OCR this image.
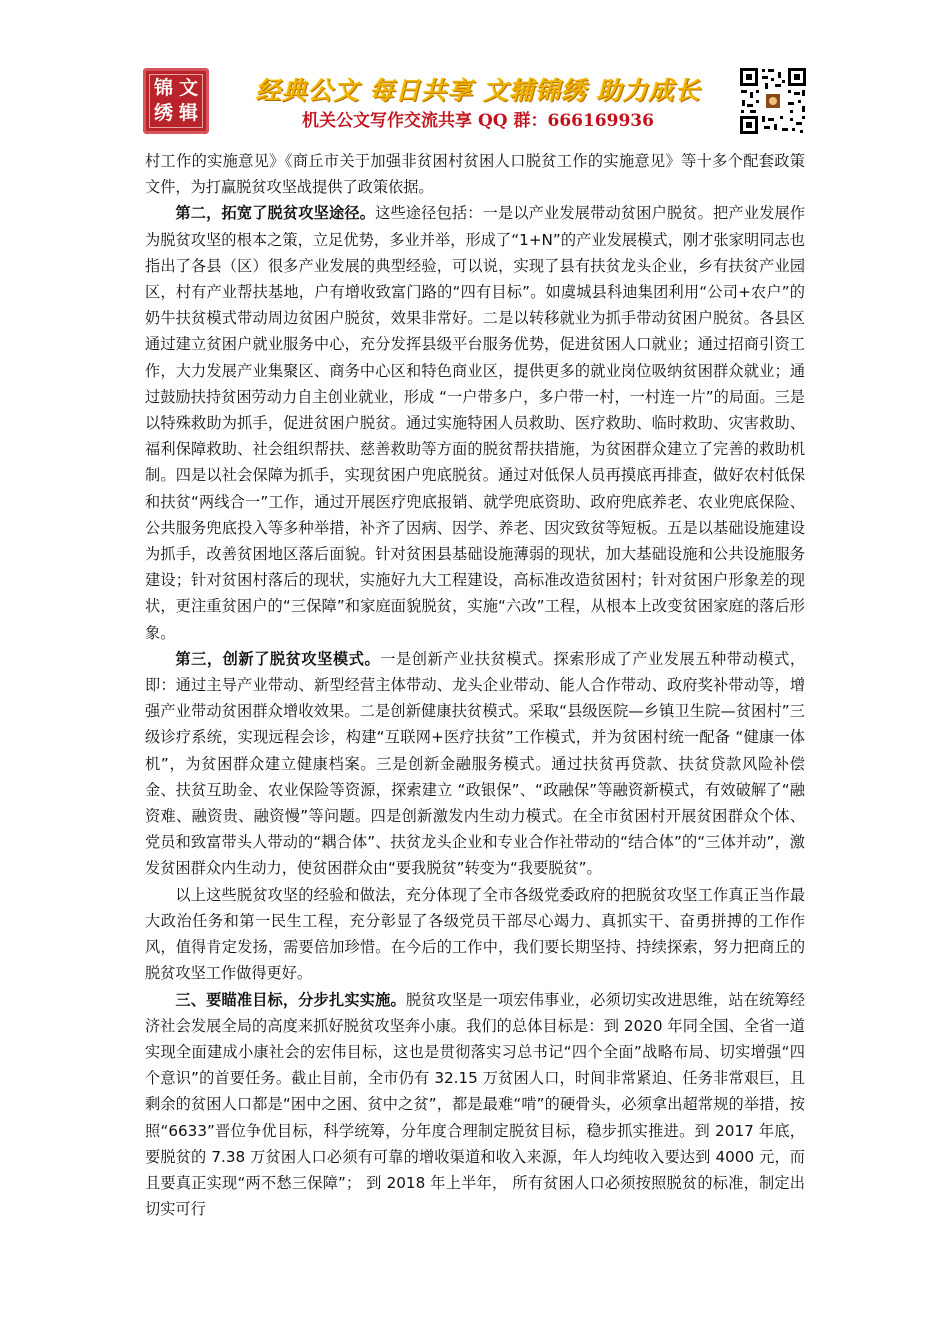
锦 文
绣 辑
经典公文 每日共享 文辅锦绣 助力成长
机关公文写作交流共享 QQ 群：666169936

村工作的实施意见》《商丘市关于加强非贫困村贫困人口脱贫工作的实施意见》等十多个配套政策文件，为打赢脱贫攻坚战提供了政策依据。

第二，拓宽了脱贫攻坚途径。这些途径包括：一是以产业发展带动贫困户脱贫。把产业发展作为脱贫攻坚的根本之策，立足优势，多业并举，形成了“1+N”的产业发展模式，刚才张家明同志也指出了各县（区）很多产业发展的典型经验，可以说，实现了县有扶贫龙头企业，乡有扶贫产业园区，村有产业帮扶基地，户有增收致富门路的“四有目标”。如虞城县科迪集团利用“公司+农户”的奶牛扶贫模式带动周边贫困户脱贫，效果非常好。二是以转移就业为抓手带动贫困户脱贫。各县区通过建立贫困户就业服务中心，充分发挥县级平台服务优势，促进贫困人口就业；通过招商引资工作，大力发展产业集聚区、商务中心区和特色商业区，提供更多的就业岗位吸纳贫困群众就业；通过鼓励扶持贫困劳动力自主创业就业，形成 “一户带多户，多户带一村，一村连一片”的局面。三是以特殊救助为抓手，促进贫困户脱贫。通过实施特困人员救助、医疗救助、临时救助、灾害救助、福利保障救助、社会组织帮扶、慈善救助等方面的脱贫帮扶措施，为贫困群众建立了完善的救助机制。四是以社会保障为抓手，实现贫困户兜底脱贫。通过对低保人员再摸底再排查，做好农村低保和扶贫“两线合一”工作，通过开展医疗兜底报销、就学兜底资助、政府兜底养老、农业兜底保险、公共服务兜底投入等多种举措，补齐了因病、因学、养老、因灾致贫等短板。五是以基础设施建设为抓手，改善贫困地区落后面貌。针对贫困县基础设施薄弱的现状，加大基础设施和公共设施服务建设；针对贫困村落后的现状，实施好九大工程建设，高标准改造贫困村；针对贫困户形象差的现状，更注重贫困户的“三保障”和家庭面貌脱贫，实施“六改”工程，从根本上改变贫困家庭的落后形象。

第三，创新了脱贫攻坚模式。一是创新产业扶贫模式。探索形成了产业发展五种带动模式，即：通过主导产业带动、新型经营主体带动、龙头企业带动、能人合作带动、政府奖补带动等，增强产业带动贫困群众增收效果。二是创新健康扶贫模式。采取“县级医院—乡镇卫生院—贫困村”三级诊疗系统，实现远程会诊，构建“互联网+医疗扶贫”工作模式，并为贫困村统一配备 “健康一体机”，为贫困群众建立健康档案。三是创新金融服务模式。通过扶贫再贷款、扶贫贷款风险补偿金、扶贫互助金、农业保险等资源，探索建立 “政银保”、“政融保”等融资新模式，有效破解了“融资难、融资贵、融资慢”等问题。四是创新激发内生动力模式。在全市贫困村开展贫困群众个体、党员和致富带头人带动的“耦合体”、扶贫龙头企业和专业合作社带动的“结合体”的“三体并动”，激发贫困群众内生动力，使贫困群众由“要我脱贫”转变为“我要脱贫”。

以上这些脱贫攻坚的经验和做法，充分体现了全市各级党委政府的把脱贫攻坚工作真正当作最大政治任务和第一民生工程，充分彰显了各级党员干部尽心竭力、真抓实干、奋勇拼搏的工作作风，值得肯定发扬，需要倍加珍惜。在今后的工作中，我们要长期坚持、持续探索，努力把商丘的脱贫攻坚工作做得更好。

三、要瞄准目标，分步扎实实施。脱贫攻坚是一项宏伟事业，必须切实改进思维，站在统筹经济社会发展全局的高度来抓好脱贫攻坚奔小康。我们的总体目标是：到 2020 年同全国、全省一道实现全面建成小康社会的宏伟目标，这也是贯彻落实习总书记“四个全面”战略布局、切实增强“四个意识”的首要任务。截止目前，全市仍有 32.15 万贫困人口，时间非常紧迫、任务非常艰巨，且剩余的贫困人口都是“困中之困、贫中之贫”，都是最难“啃”的硬骨头，必须拿出超常规的举措，按照“6633”晋位争优目标，科学统筹，分年度合理制定脱贫目标，稳步抓实推进。到 2017 年底， 要脱贫的 7.38 万贫困人口必须有可靠的增收渠道和收入来源，年人均纯收入要达到 4000 元，而且要真正实现“两不愁三保障”； 到 2018 年上半年， 所有贫困人口必须按照脱贫的标准，制定出切实可行
